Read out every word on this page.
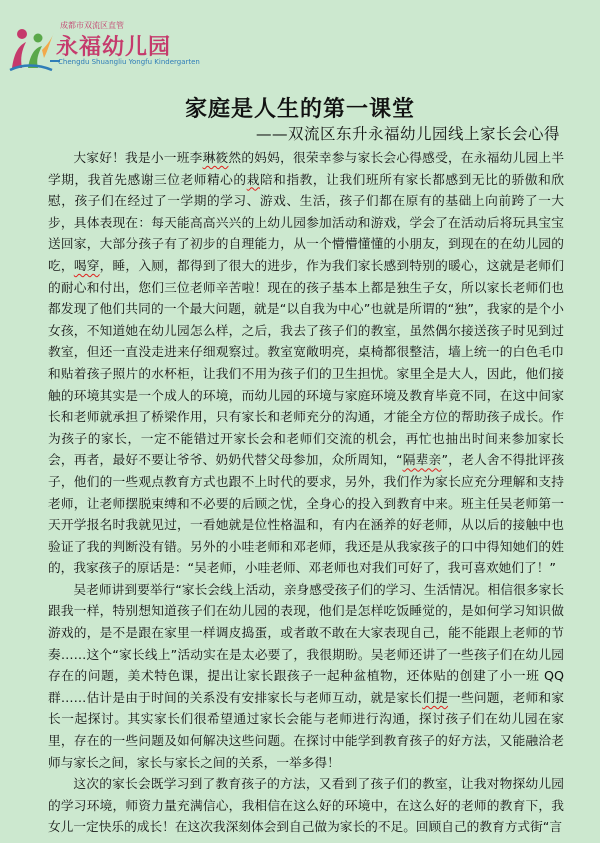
成都市双流区直管
永福幼儿园
Chengdu Shuangliu Yongfu Kindergarten
家庭是人生的第一课堂
——双流区东升永福幼儿园线上家长会心得

大家好！我是小一班李琳筱然的妈妈，很荣幸参与家长会心得感受，在永福幼儿园上半学期，我首先感谢三位老师精心的栽陪和指教，让我们班所有家长都感到无比的骄傲和欣慰，孩子们在经过了一学期的学习、游戏、生活，孩子们都在原有的基础上向前跨了一大步，具体表现在：每天能高高兴兴的上幼儿园参加活动和游戏，学会了在活动后将玩具宝宝送回家，大部分孩子有了初步的自理能力，从一个懵懵懂懂的小朋友，到现在的在幼儿园的吃，喝穿，睡，入厕，都得到了很大的进步，作为我们家长感到特别的暖心，这就是老师们的耐心和付出，您们三位老师辛苦啦！现在的孩子基本上都是独生子女，所以家长老师们也都发现了他们共同的一个最大问题，就是“以自我为中心”也就是所谓的“独”，我家的是个小女孩，不知道她在幼儿园怎么样，之后，我去了孩子们的教室，虽然偶尔接送孩子时见到过教室，但还一直没走进来仔细观察过。教室宽敞明亮，桌椅都很整洁，墙上统一的白色毛巾和贴着孩子照片的水杯柜，让我们不用为孩子们的卫生担忧。家里全是大人，因此，他们接触的环境其实是一个成人的环境，而幼儿园的环境与家庭环境及教育毕竟不同，在这中间家长和老师就承担了桥梁作用，只有家长和老师充分的沟通，才能全方位的帮助孩子成长。作为孩子的家长，一定不能错过开家长会和老师们交流的机会，再忙也抽出时间来参加家长会，再者，最好不要让爷爷、奶奶代替父母参加，众所周知，“隔辈亲”，老人舍不得批评孩子，他们的一些观点教育方式也跟不上时代的要求，另外，我们作为家长应充分理解和支持老师，让老师摆脱束缚和不必要的后顾之忧，全身心的投入到教育中来。班主任吴老师第一天开学报名时我就见过，一看她就是位性格温和，有内在涵养的好老师，从以后的接触中也验证了我的判断没有错。另外的小哇老师和邓老师，我还是从我家孩子的口中得知她们的姓的，我家孩子的原话是：“吴老师，小哇老师、邓老师也对我们可好了，我可喜欢她们了！”

吴老师讲到要举行“家长会线上活动，亲身感受孩子们的学习、生活情况。相信很多家长跟我一样，特别想知道孩子们在幼儿园的表现，他们是怎样吃饭睡觉的，是如何学习知识做游戏的，是不是跟在家里一样调皮捣蛋，或者敢不敢在大家表现自己，能不能跟上老师的节奏……这个“家长线上”活动实在是太必要了，我很期盼。吴老师还讲了一些孩子们在幼儿园存在的问题，美术特色课，提出让家长跟孩子一起种盆植物，还体贴的创建了小一班 QQ 群……估计是由于时间的关系没有安排家长与老师互动，就是家长们提一些问题，老师和家长一起探讨。其实家长们很希望通过家长会能与老师进行沟通，探讨孩子们在幼儿园在家里，存在的一些问题及如何解决这些问题。在探讨中能学到教育孩子的好方法，又能融洽老师与家长之间，家长与家长之间的关系，一举多得！

这次的家长会既学习到了教育孩子的方法，又看到了孩子们的教室，让我对物探幼儿园的学习环境，师资力量充满信心，我相信在这么好的环境中，在这么好的老师的教育下，我女儿一定快乐的成长！在这次我深刻体会到自己做为家长的不足。回顾自己的教育方式街“言
